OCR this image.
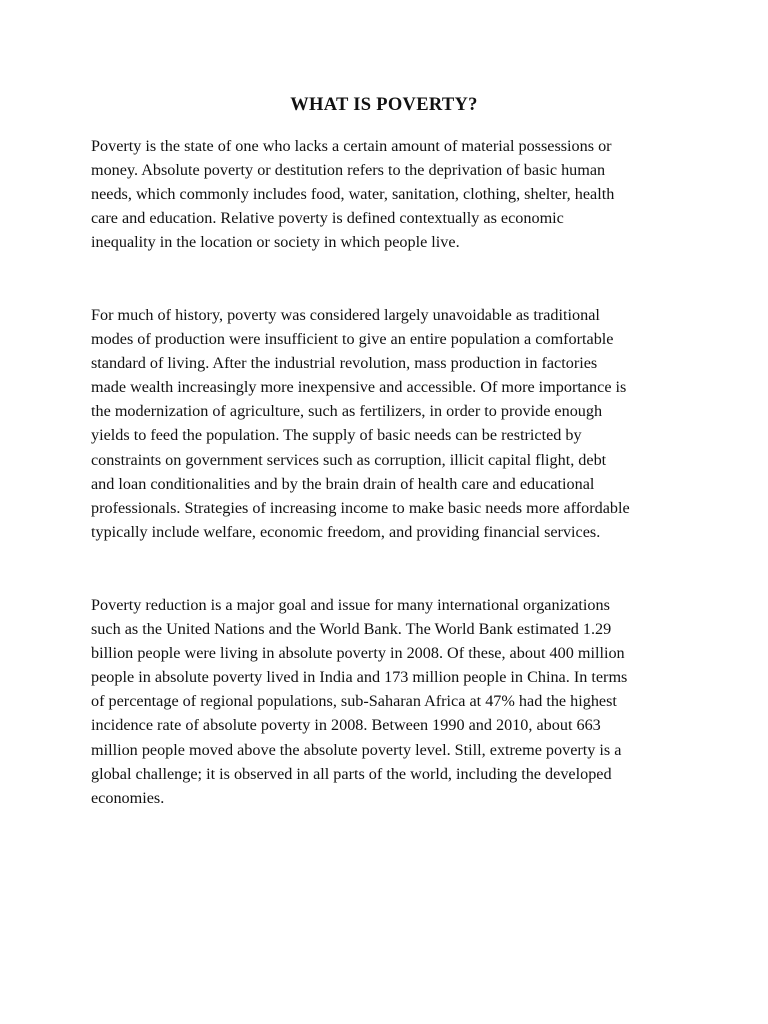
WHAT IS POVERTY?

Poverty is the state of one who lacks a certain amount of material possessions or
money. Absolute poverty or destitution refers to the deprivation of basic human
needs, which commonly includes food, water, sanitation, clothing, shelter, health
care and education. Relative poverty is defined contextually as economic
inequality in the location or society in which people live.

For much of history, poverty was considered largely unavoidable as traditional
modes of production were insufficient to give an entire population a comfortable
standard of living. After the industrial revolution, mass production in factories
made wealth increasingly more inexpensive and accessible. Of more importance is
the modernization of agriculture, such as fertilizers, in order to provide enough
yields to feed the population. The supply of basic needs can be restricted by
constraints on government services such as corruption, illicit capital flight, debt
and loan conditionalities and by the brain drain of health care and educational
professionals. Strategies of increasing income to make basic needs more affordable
typically include welfare, economic freedom, and providing financial services.

Poverty reduction is a major goal and issue for many international organizations
such as the United Nations and the World Bank. The World Bank estimated 1.29
billion people were living in absolute poverty in 2008. Of these, about 400 million
people in absolute poverty lived in India and 173 million people in China. In terms
of percentage of regional populations, sub-Saharan Africa at 47% had the highest
incidence rate of absolute poverty in 2008. Between 1990 and 2010, about 663
million people moved above the absolute poverty level. Still, extreme poverty is a
global challenge; it is observed in all parts of the world, including the developed
economies.
